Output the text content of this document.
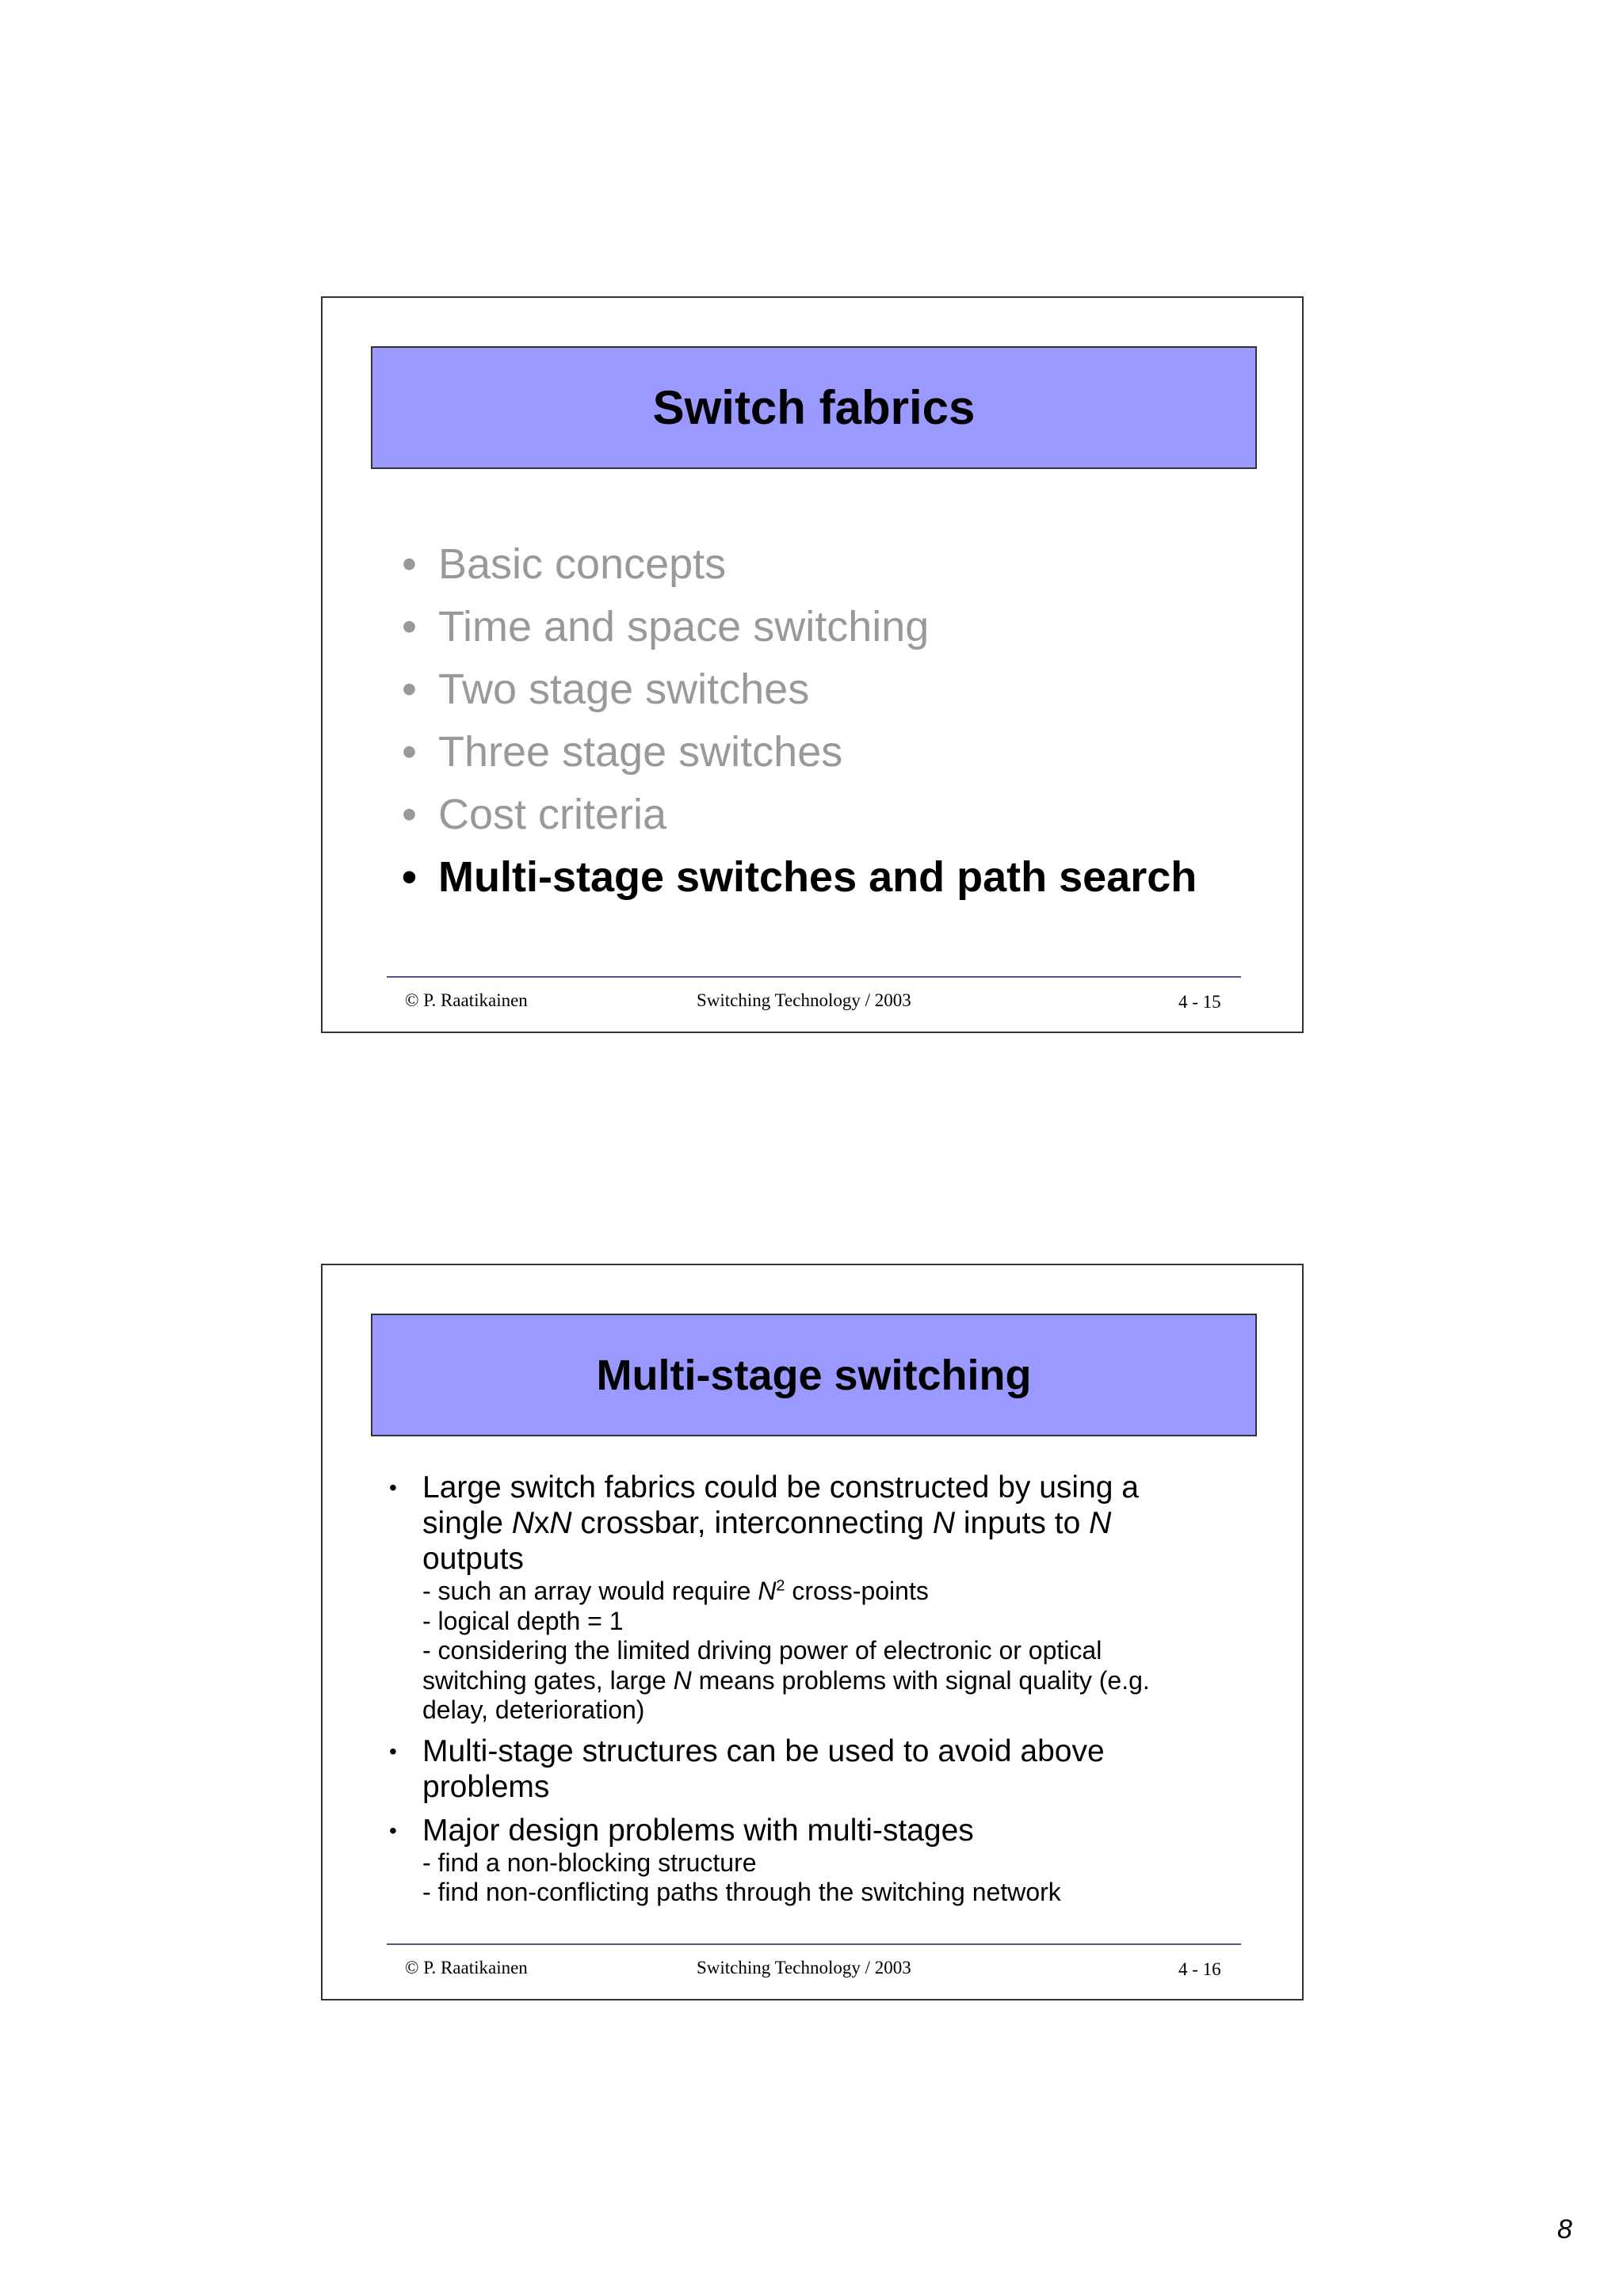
Switch fabrics
• Basic concepts
• Time and space switching
• Two stage switches
• Three stage switches
• Cost criteria
• Multi-stage switches and path search
© P. Raatikainen	Switching Technology / 2003	4 - 15
Multi-stage switching
• Large switch fabrics could be constructed by using a
single NxN crossbar, interconnecting N inputs to N
outputs
- such an array would require $N^2$ cross-points
- logical depth = 1
- considering the limited driving power of electronic or optical
switching gates, large N means problems with signal quality (e.g.
delay, deterioration)
• Multi-stage structures can be used to avoid above
problems
• Major design problems with multi-stages
- find a non-blocking structure
- find non-conflicting paths through the switching network
© P. Raatikainen	Switching Technology / 2003	4 - 16
8
